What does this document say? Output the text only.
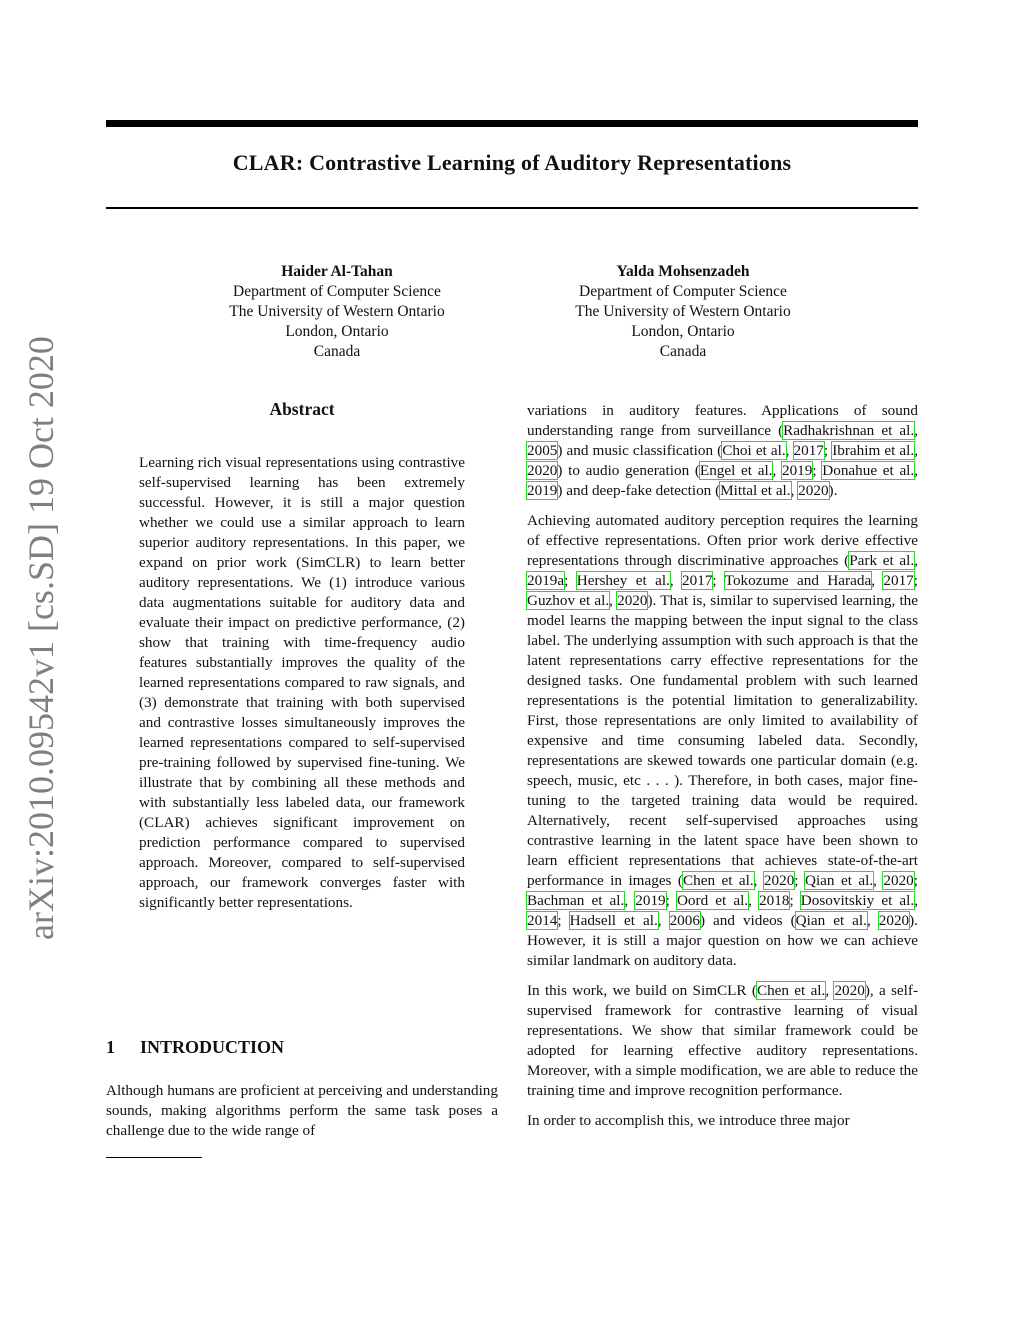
CLAR: Contrastive Learning of Auditory Representations
arXiv:2010.09542v1 [cs.SD] 19 Oct 2020
Haider Al-Tahan
Department of Computer Science
The University of Western Ontario
London, Ontario
Canada
Yalda Mohsenzadeh
Department of Computer Science
The University of Western Ontario
London, Ontario
Canada
Abstract
Learning rich visual representations using contrastive self-supervised learning has been extremely successful. However, it is still a major question whether we could use a similar approach to learn superior auditory representations. In this paper, we expand on prior work (SimCLR) to learn better auditory representations. We (1) introduce various data augmentations suitable for auditory data and evaluate their impact on predictive performance, (2) show that training with time-frequency audio features substantially improves the quality of the learned representations compared to raw signals, and (3) demonstrate that training with both supervised and contrastive losses simultaneously improves the learned representations compared to self-supervised pre-training followed by supervised fine-tuning. We illustrate that by combining all these methods and with substantially less labeled data, our framework (CLAR) achieves significant improvement on prediction performance compared to supervised approach. Moreover, compared to self-supervised approach, our framework converges faster with significantly better representations.
1 INTRODUCTION
Although humans are proficient at perceiving and understanding sounds, making algorithms perform the same task poses a challenge due to the wide range of

variations in auditory features. Applications of sound understanding range from surveillance (Radhakrishnan et al., 2005) and music classification (Choi et al., 2017; Ibrahim et al., 2020) to audio generation (Engel et al., 2019; Donahue et al., 2019) and deep-fake detection (Mittal et al., 2020).

Achieving automated auditory perception requires the learning of effective representations. Often prior work derive effective representations through discriminative approaches (Park et al., 2019a; Hershey et al., 2017; Tokozume and Harada, 2017; Guzhov et al., 2020). That is, similar to supervised learning, the model learns the mapping between the input signal to the class label. The underlying assumption with such approach is that the latent representations carry effective representations for the designed tasks. One fundamental problem with such learned representations is the potential limitation to generalizability. First, those representations are only limited to availability of expensive and time consuming labeled data. Secondly, representations are skewed towards one particular domain (e.g. speech, music, etc . . . ). Therefore, in both cases, major fine-tuning to the targeted training data would be required. Alternatively, recent self-supervised approaches using contrastive learning in the latent space have been shown to learn efficient representations that achieves state-of-the-art performance in images (Chen et al., 2020; Qian et al., 2020; Bachman et al., 2019; Oord et al., 2018; Dosovitskiy et al., 2014; Hadsell et al., 2006) and videos (Qian et al., 2020). However, it is still a major question on how we can achieve similar landmark on auditory data.

In this work, we build on SimCLR (Chen et al., 2020), a self-supervised framework for contrastive learning of visual representations. We show that similar framework could be adopted for learning effective auditory representations. Moreover, with a simple modification, we are able to reduce the training time and improve recognition performance.

In order to accomplish this, we introduce three major
